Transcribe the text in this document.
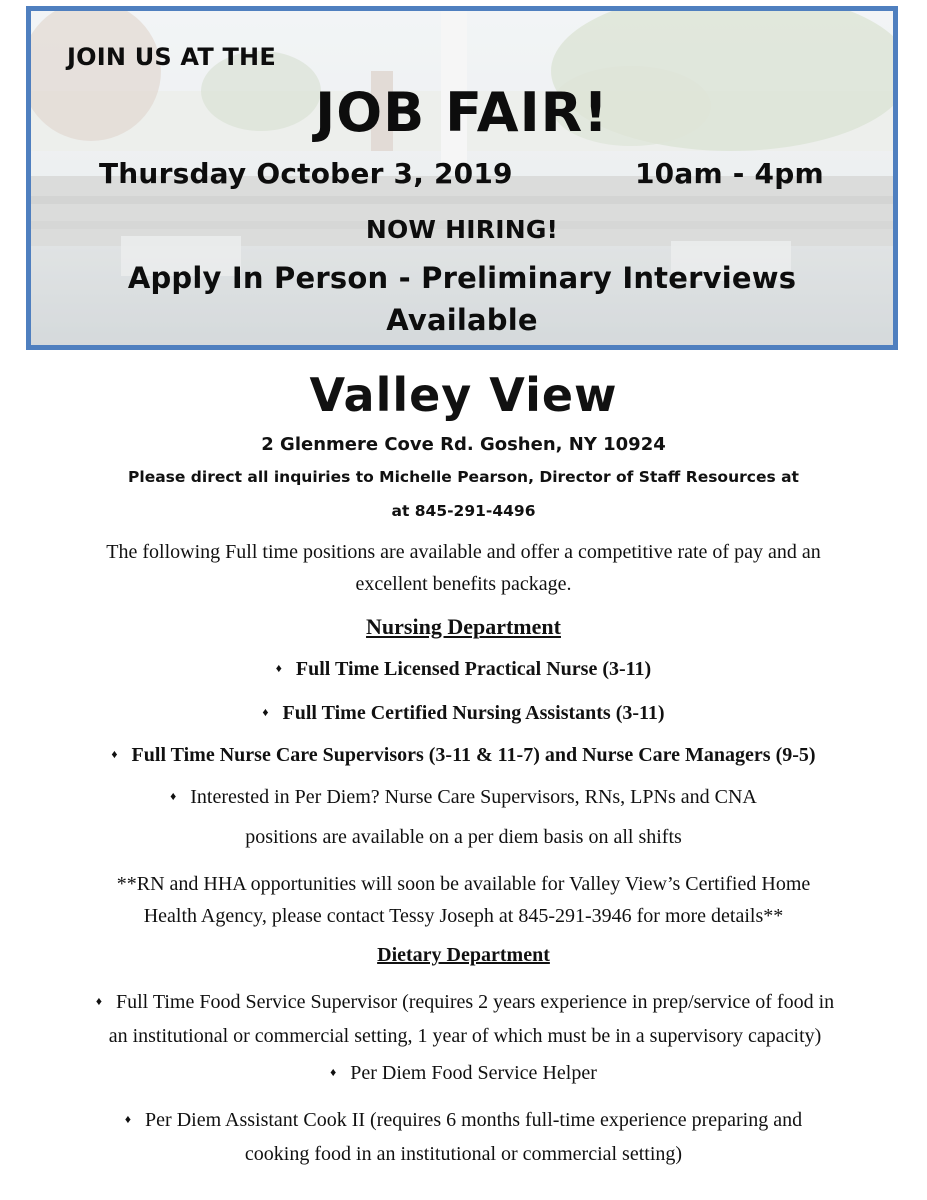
JOIN US AT THE
JOB FAIR!
Thursday October 3, 2019	10am - 4pm
NOW HIRING!
Apply In Person - Preliminary Interviews
Available
Valley View
2 Glenmere Cove Rd. Goshen, NY 10924
Please direct all inquiries to Michelle Pearson, Director of Staff Resources at
at 845-291-4496
The following Full time positions are available and offer a competitive rate of pay and an
excellent benefits package.
Nursing Department
♦ Full Time Licensed Practical Nurse (3-11)
♦ Full Time Certified Nursing Assistants (3-11)
♦ Full Time Nurse Care Supervisors (3-11 & 11-7) and Nurse Care Managers (9-5)
♦ Interested in Per Diem? Nurse Care Supervisors, RNs, LPNs and CNA
positions are available on a per diem basis on all shifts
**RN and HHA opportunities will soon be available for Valley View’s Certified Home
Health Agency, please contact Tessy Joseph at 845-291-3946 for more details**
Dietary Department
♦ Full Time Food Service Supervisor (requires 2 years experience in prep/service of food in
an institutional or commercial setting, 1 year of which must be in a supervisory capacity)
♦ Per Diem Food Service Helper
♦ Per Diem Assistant Cook II (requires 6 months full-time experience preparing and
cooking food in an institutional or commercial setting)
